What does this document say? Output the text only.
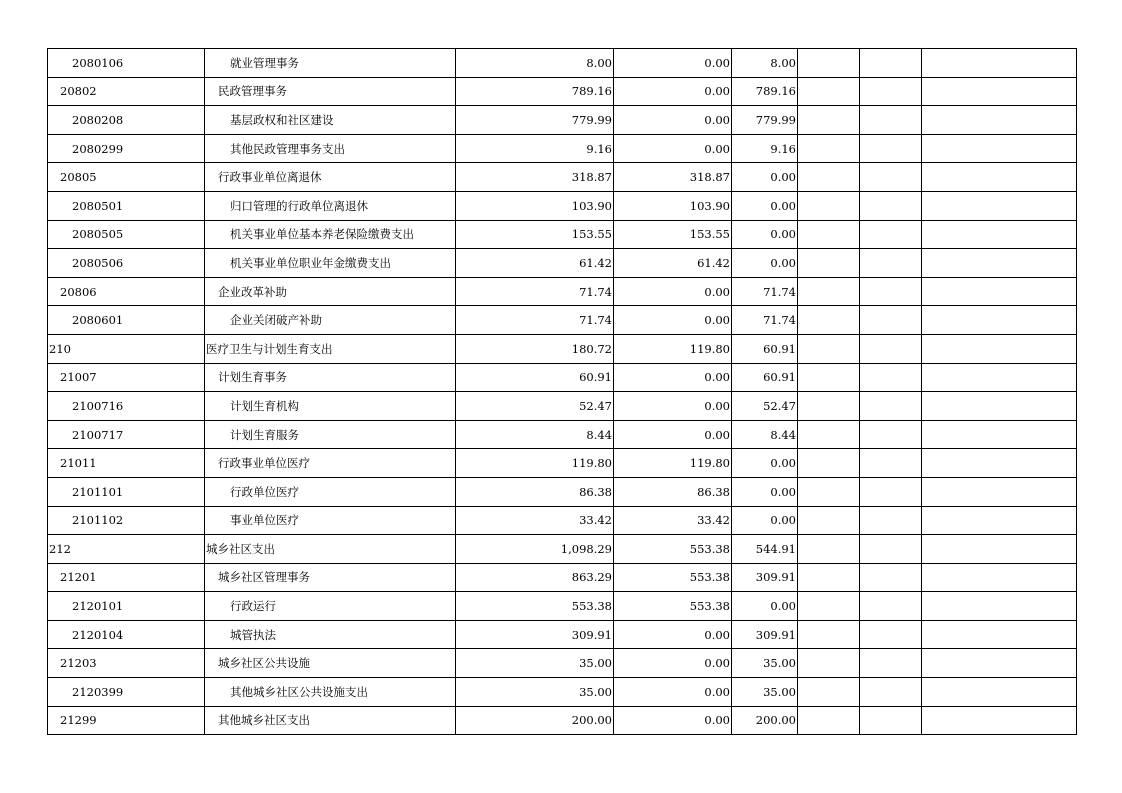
2080106	就业管理事务	8.00	0.00	8.00			
20802	民政管理事务	789.16	0.00	789.16			
2080208	基层政权和社区建设	779.99	0.00	779.99			
2080299	其他民政管理事务支出	9.16	0.00	9.16			
20805	行政事业单位离退休	318.87	318.87	0.00			
2080501	归口管理的行政单位离退休	103.90	103.90	0.00			
2080505	机关事业单位基本养老保险缴费支出	153.55	153.55	0.00			
2080506	机关事业单位职业年金缴费支出	61.42	61.42	0.00			
20806	企业改革补助	71.74	0.00	71.74			
2080601	企业关闭破产补助	71.74	0.00	71.74			
210	医疗卫生与计划生育支出	180.72	119.80	60.91			
21007	计划生育事务	60.91	0.00	60.91			
2100716	计划生育机构	52.47	0.00	52.47			
2100717	计划生育服务	8.44	0.00	8.44			
21011	行政事业单位医疗	119.80	119.80	0.00			
2101101	行政单位医疗	86.38	86.38	0.00			
2101102	事业单位医疗	33.42	33.42	0.00			
212	城乡社区支出	1,098.29	553.38	544.91			
21201	城乡社区管理事务	863.29	553.38	309.91			
2120101	行政运行	553.38	553.38	0.00			
2120104	城管执法	309.91	0.00	309.91			
21203	城乡社区公共设施	35.00	0.00	35.00			
2120399	其他城乡社区公共设施支出	35.00	0.00	35.00			
21299	其他城乡社区支出	200.00	0.00	200.00			
